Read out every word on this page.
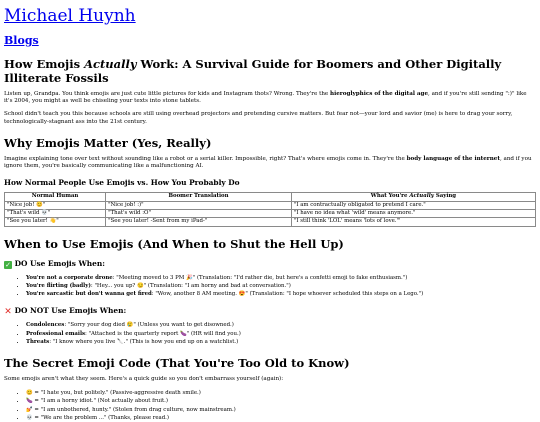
Michael Huynh
Blogs
How Emojis Actually Work: A Survival Guide for Boomers and Other Digitally Illiterate Fossils

Listen up, Grandpa. You think emojis are just cute little pictures for kids and Instagram thots? Wrong. They're the hieroglyphics of the digital age, and if you're still sending ":)" like it's 2004, you might as well be chiseling your texts into stone tablets.

School didn't teach you this because schools are still using overhead projectors and pretending cursive matters. But fear not—your lord and savior (me) is here to drag your sorry, technologically-stagnant ass into the 21st century.

Why Emojis Matter (Yes, Really)

Imagine explaining tone over text without sounding like a robot or a serial killer. Impossible, right? That's where emojis come in. They're the body language of the internet, and if you ignore them, you're basically communicating like a malfunctioning AI.

How Normal People Use Emojis vs. How You Probably Do
Normal Human	Boomer Translation	What You're Actually Saying
"Nice job! 😊"	"Nice job! :)"	"I am contractually obligated to pretend I care."
"That's wild 💀"	"That's wild :O"	"I have no idea what 'wild' means anymore."
"See you later! 👋"	"See you later! -Sent from my iPad-"	"I still think 'LOL' means 'lots of love.'"
When to Use Emojis (And When to Shut the Hell Up)
✓ DO Use Emojis When:
• You're not a corporate drone: "Meeting moved to 3 PM 🎉" (Translation: "I'd rather die, but here's a confetti emoji to fake enthusiasm.")
• You're flirting (badly): "Hey... you up? 😏" (Translation: "I am horny and bad at conversation.")
• You're sarcastic but don't wanna get fired: "Wow, another 8 AM meeting. 😍" (Translation: "I hope whoever scheduled this steps on a Lego.")
✕ DO NOT Use Emojis When:
• Condolences: "Sorry your dog died 😢" (Unless you want to get disowned.)
• Professional emails: "Attached is the quarterly report 🍆" (HR will find you.)
• Threats: "I know where you live 🔪." (This is how you end up on a watchlist.)
The Secret Emoji Code (That You're Too Old to Know)

Some emojis aren't what they seem. Here's a quick guide so you don't embarrass yourself (again):

• 😊 = "I hate you, but politely." (Passive-aggressive death smile.)
• 🍆 = "I am a horny idiot." (Not actually about fruit.)
• 💅 = "I am unbothered, hunty." (Stolen from drag culture, now mainstream.)
• 💀 = "We are the problem ..." (Thanks, please read.)
